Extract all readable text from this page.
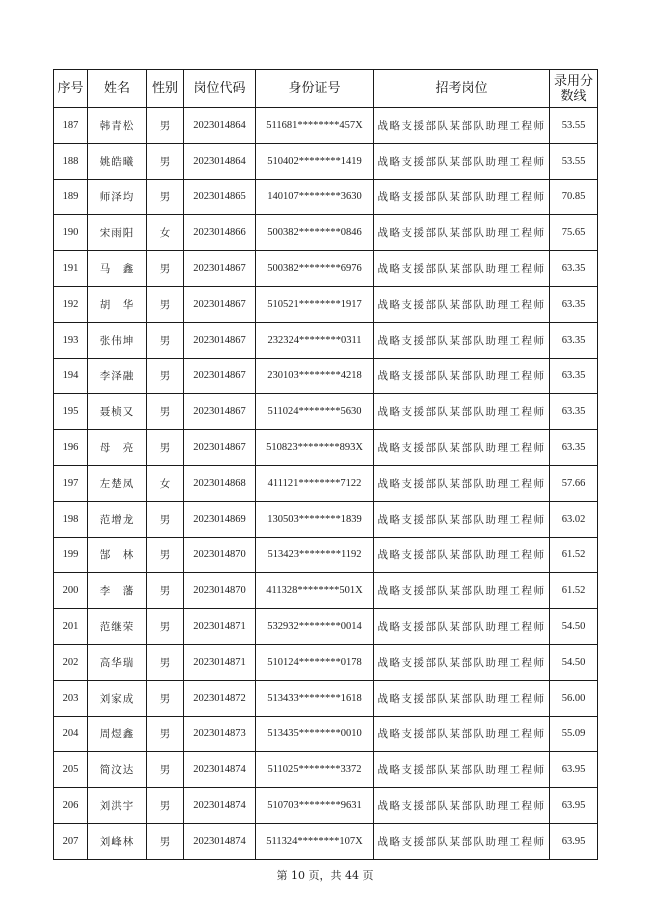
序号	姓名	性别	岗位代码	身份证号	招考岗位	录用分数线
187	韩青松	男	2023014864	511681********457X	战略支援部队某部队助理工程师	53.55
188	姚皓曦	男	2023014864	510402********1419	战略支援部队某部队助理工程师	53.55
189	师泽均	男	2023014865	140107********3630	战略支援部队某部队助理工程师	70.85
190	宋雨阳	女	2023014866	500382********0846	战略支援部队某部队助理工程师	75.65
191	马　鑫	男	2023014867	500382********6976	战略支援部队某部队助理工程师	63.35
192	胡　华	男	2023014867	510521********1917	战略支援部队某部队助理工程师	63.35
193	张伟坤	男	2023014867	232324********0311	战略支援部队某部队助理工程师	63.35
194	李泽融	男	2023014867	230103********4218	战略支援部队某部队助理工程师	63.35
195	聂桢又	男	2023014867	511024********5630	战略支援部队某部队助理工程师	63.35
196	母　亮	男	2023014867	510823********893X	战略支援部队某部队助理工程师	63.35
197	左楚凤	女	2023014868	411121********7122	战略支援部队某部队助理工程师	57.66
198	范增龙	男	2023014869	130503********1839	战略支援部队某部队助理工程师	63.02
199	郜　林	男	2023014870	513423********1192	战略支援部队某部队助理工程师	61.52
200	李　藩	男	2023014870	411328********501X	战略支援部队某部队助理工程师	61.52
201	范继荣	男	2023014871	532932********0014	战略支援部队某部队助理工程师	54.50
202	高华瑞	男	2023014871	510124********0178	战略支援部队某部队助理工程师	54.50
203	刘家成	男	2023014872	513433********1618	战略支援部队某部队助理工程师	56.00
204	周煜鑫	男	2023014873	513435********0010	战略支援部队某部队助理工程师	55.09
205	简汶达	男	2023014874	511025********3372	战略支援部队某部队助理工程师	63.95
206	刘洪宇	男	2023014874	510703********9631	战略支援部队某部队助理工程师	63.95
207	刘峰林	男	2023014874	511324********107X	战略支援部队某部队助理工程师	63.95
第 10 页，共 44 页
